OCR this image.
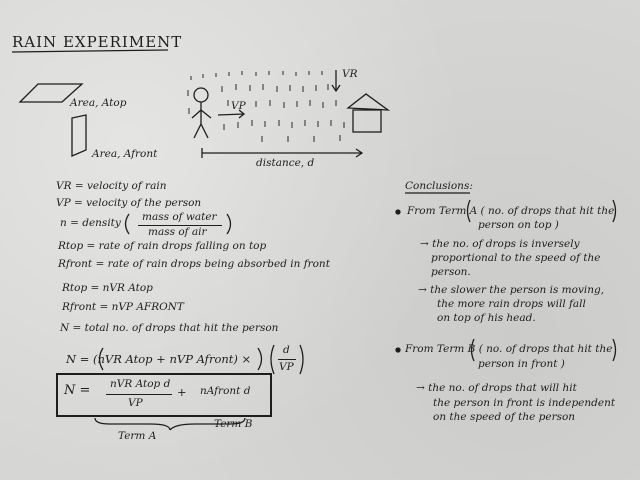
RAIN EXPERIMENT
Area, Atop
Area, Afront
VR
VP
distance, d
VR = velocity of rain
VP = velocity of the person
n = density mass of water
mass of air
Rtop = rate of rain drops falling on top
Rfront = rate of rain drops being absorbed in front
Rtop = nVR Atop
Rfront = nVP AFRONT
N = total no. of drops that hit the person
N = (nVR Atop + nVP Afront) ×
d
VP
N = nVR Atop d
VP
+ nAfront d
Term A
Term B
Conclusions:
From Term A ( no. of drops that hit the
person on top )
→ the no. of drops is inversely
proportional to the speed of the
person.
→ the slower the person is moving,
the more rain drops will fall
on top of his head.
From Term B ( no. of drops that hit the
person in front )
→ the no. of drops that will hit
the person in front is independent
on the speed of the person
